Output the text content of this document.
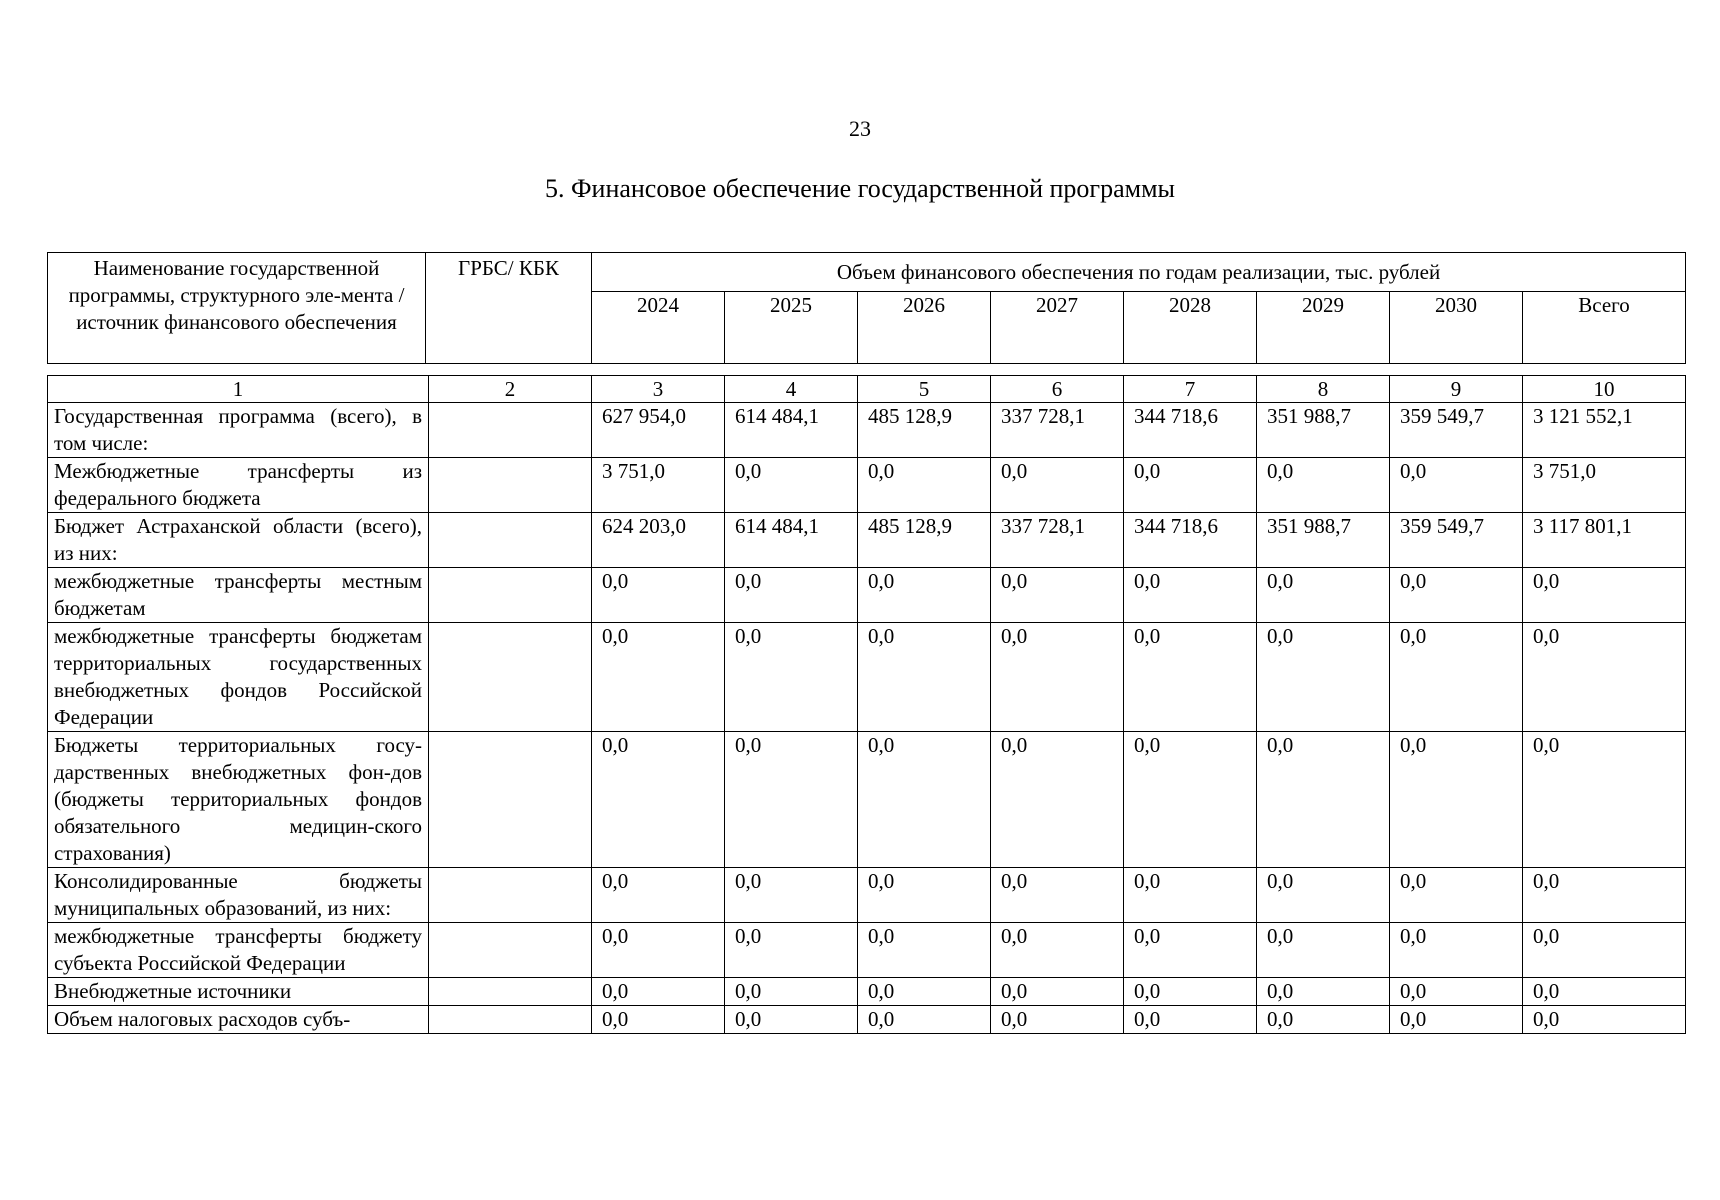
23
5. Финансовое обеспечение государственной программы
Наименование государственной программы, структурного эле-мента / источник финансового обеспечения	ГРБС/ КБК	Объем финансового обеспечения по годам реализации, тыс. рублей							
		2024	2025	2026	2027	2028	2029	2030	Всего
1	2	3	4	5	6	7	8	9	10
Государственная программа (всего), в том числе:		627 954,0	614 484,1	485 128,9	337 728,1	344 718,6	351 988,7	359 549,7	3 121 552,1
Межбюджетные трансферты из федерального бюджета		3 751,0	0,0	0,0	0,0	0,0	0,0	0,0	3 751,0
Бюджет Астраханской области (всего), из них:		624 203,0	614 484,1	485 128,9	337 728,1	344 718,6	351 988,7	359 549,7	3 117 801,1
межбюджетные трансферты местным бюджетам		0,0	0,0	0,0	0,0	0,0	0,0	0,0	0,0
межбюджетные трансферты бюджетам территориальных государственных внебюджетных фондов Российской Федерации		0,0	0,0	0,0	0,0	0,0	0,0	0,0	0,0
Бюджеты территориальных госу-дарственных внебюджетных фон-дов (бюджеты территориальных фондов обязательного медицин-ского страхования)		0,0	0,0	0,0	0,0	0,0	0,0	0,0	0,0
Консолидированные бюджеты муниципальных образований, из них:		0,0	0,0	0,0	0,0	0,0	0,0	0,0	0,0
межбюджетные трансферты бюджету субъекта Российской Федерации		0,0	0,0	0,0	0,0	0,0	0,0	0,0	0,0
Внебюджетные источники		0,0	0,0	0,0	0,0	0,0	0,0	0,0	0,0
Объем налоговых расходов субъ-		0,0	0,0	0,0	0,0	0,0	0,0	0,0	0,0
